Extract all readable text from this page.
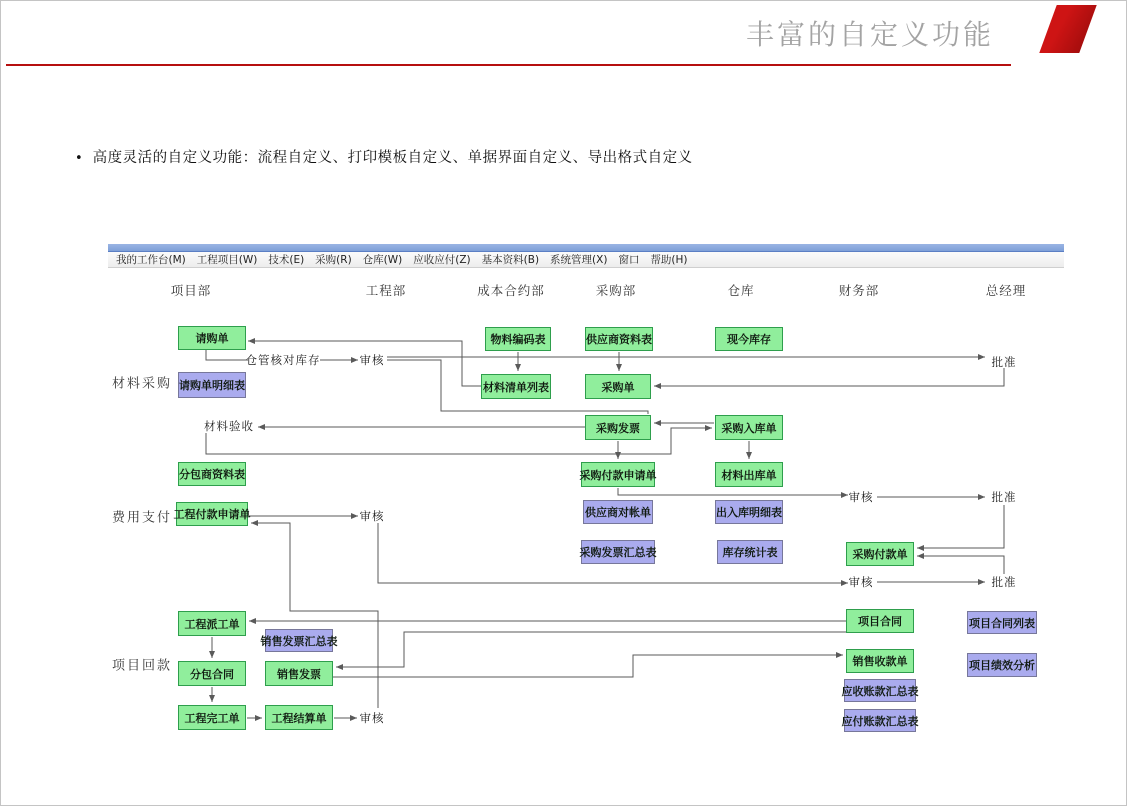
丰富的自定义功能
• 高度灵活的自定义功能：流程自定义、打印模板自定义、单据界面自定义、导出格式自定义
我的工作台(M) 工程项目(W) 技术(E) 采购(R) 仓库(W) 应收应付(Z) 基本资料(B) 系统管理(X) 窗口 帮助(H)
项目部	工程部	成本合约部	采购部	仓库	财务部	总经理
材料采购
费用支付
项目回款
请购单
请购单明细表
分包商资料表
工程付款申请单
工程派工单
销售发票汇总表
分包合同	销售发票
工程完工单	工程结算单
物料编码表
材料清单列表
供应商资料表
采购单
采购发票
采购付款申请单
供应商对帐单
采购发票汇总表
现今库存
采购入库单
材料出库单
出入库明细表
库存统计表	采购付款单
项目合同
销售收款单
应收账款汇总表
应付账款汇总表
项目合同列表
项目绩效分析
仓管核对库存	审核	批准
材料验收
审核
审核	批准
审核	批准
审核
